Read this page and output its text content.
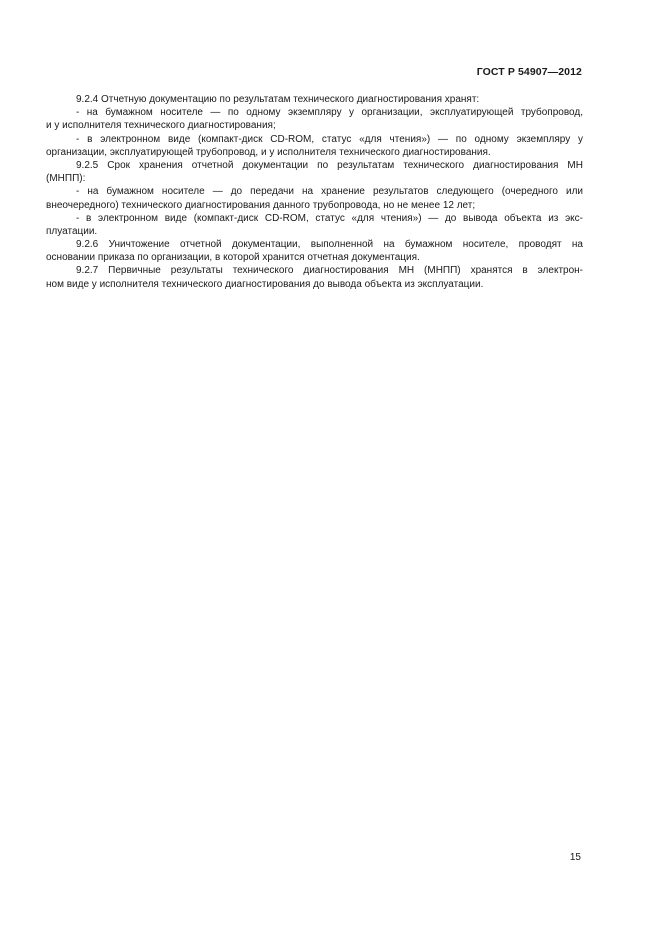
ГОСТ Р 54907—2012
9.2.4 Отчетную документацию по результатам технического диагностирования хранят:
- на бумажном носителе — по одному экземпляру у организации, эксплуатирующей трубопровод,
и у исполнителя технического диагностирования;
- в электронном виде (компакт-диск CD-ROM, статус «для чтения») — по одному экземпляру у
организации, эксплуатирующей трубопровод, и у исполнителя технического диагностирования.
9.2.5 Срок хранения отчетной документации по результатам технического диагностирования МН
(МНПП):
- на бумажном носителе — до передачи на хранение результатов следующего (очередного или
внеочередного) технического диагностирования данного трубопровода, но не менее 12 лет;
- в электронном виде (компакт-диск CD-ROM, статус «для чтения») — до вывода объекта из экс-
плуатации.
9.2.6 Уничтожение отчетной документации, выполненной на бумажном носителе, проводят на
основании приказа по организации, в которой хранится отчетная документация.
9.2.7 Первичные результаты технического диагностирования МН (МНПП) хранятся в электрон-
ном виде у исполнителя технического диагностирования до вывода объекта из эксплуатации.
15
